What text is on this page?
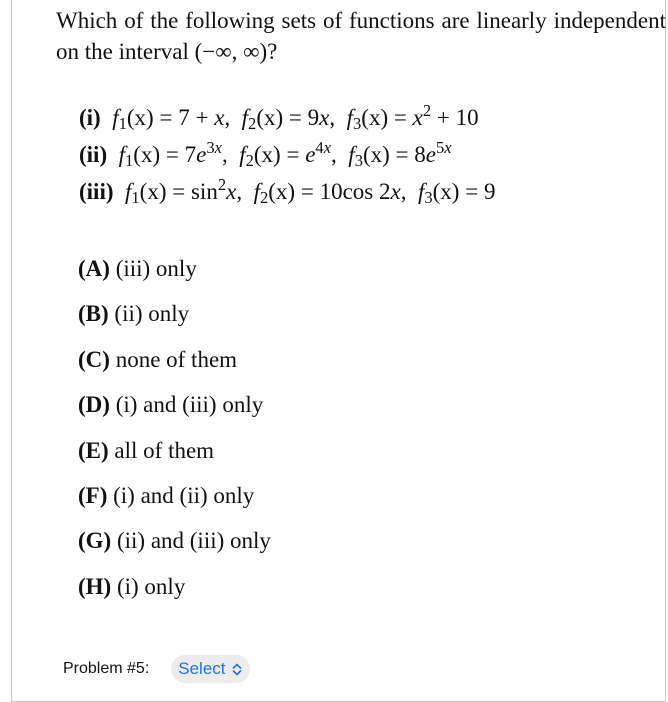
Which of the following sets of functions are linearly independent on the interval (−∞, ∞)?
(i) $f_1(x) = 7 + x$,  $f_2(x) = 9x$,  $f_3(x) = x^2 + 10$
(ii) $f_1(x) = 7e^{3x}$,  $f_2(x) = e^{4x}$,  $f_3(x) = 8e^{5x}$
(iii) $f_1(x) = \sin^2x$,  $f_2(x) = 10\cos$ 2x,  $f_3(x) = 9$
(A) (iii) only
(B) (ii) only
(C) none of them
(D) (i) and (iii) only
(E) all of them
(F) (i) and (ii) only
(G) (ii) and (iii) only
(H) (i) only
Problem #5: Select
